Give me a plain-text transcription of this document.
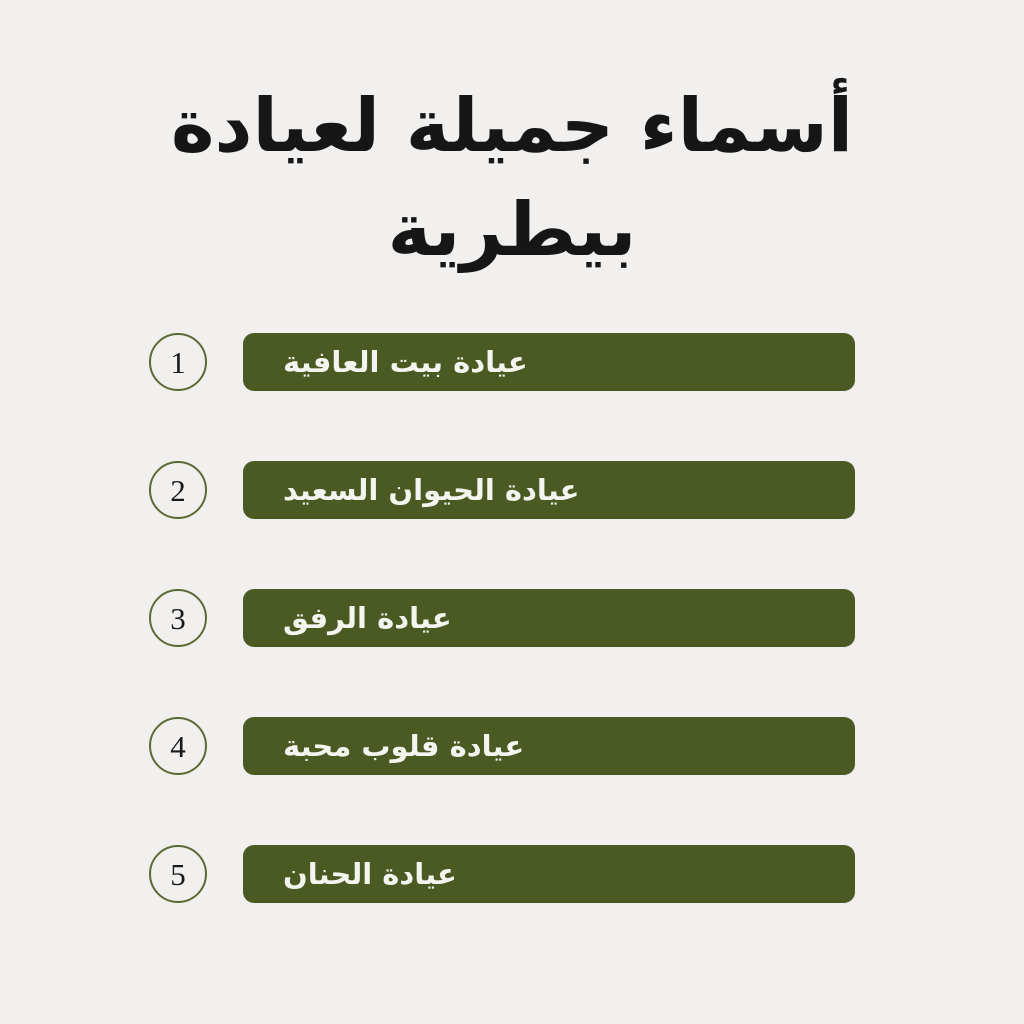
أسماء جميلة لعيادة
بيطرية
1	عيادة بيت العافية
2	عيادة الحيوان السعيد
3	عيادة الرفق
4	عيادة قلوب محبة
5	عيادة الحنان
